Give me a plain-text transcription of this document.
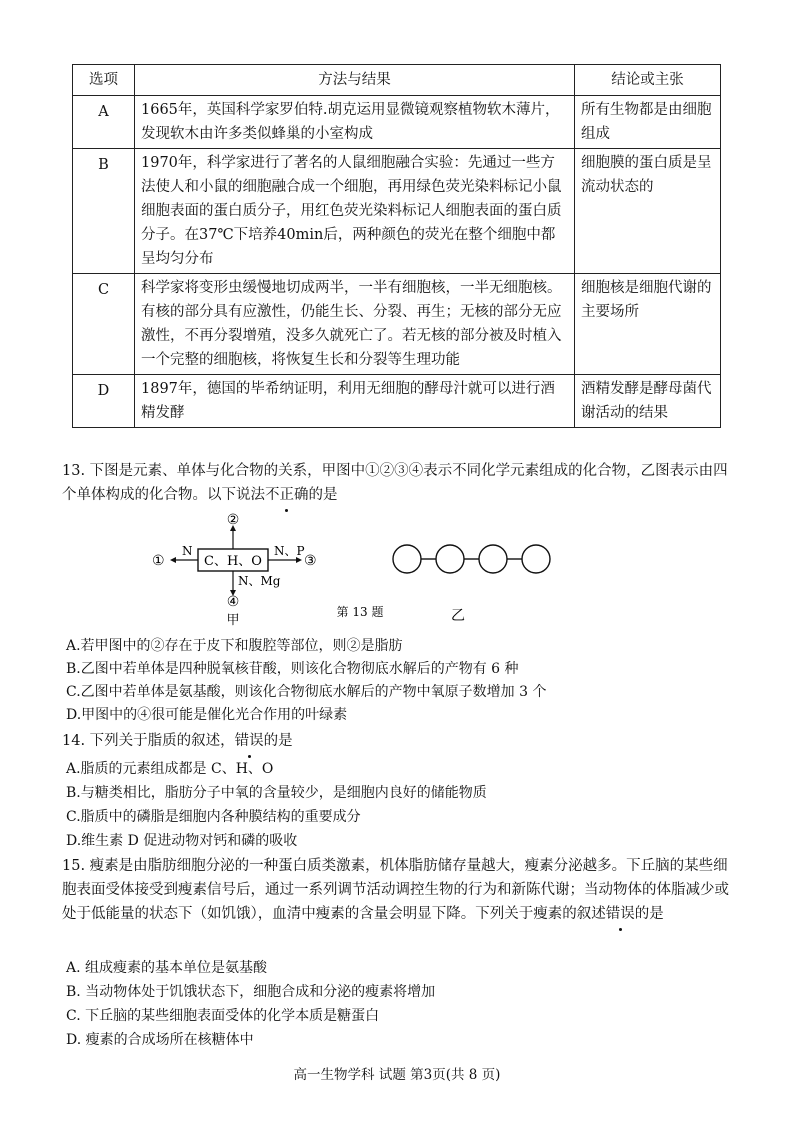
选项	方法与结果	结论或主张
A	1665年，英国科学家罗伯特.胡克运用显微镜观察植物软木薄片，发现软木由许多类似蜂巢的小室构成	所有生物都是由细胞组成
B	1970年，科学家进行了著名的人鼠细胞融合实验：先通过一些方法使人和小鼠的细胞融合成一个细胞，再用绿色荧光染料标记小鼠细胞表面的蛋白质分子，用红色荧光染料标记人细胞表面的蛋白质分子。在37℃下培养40min后，两种颜色的荧光在整个细胞中都呈均匀分布	细胞膜的蛋白质是呈流动状态的
C	科学家将变形虫缓慢地切成两半，一半有细胞核，一半无细胞核。有核的部分具有应激性，仍能生长、分裂、再生；无核的部分无应激性，不再分裂增殖，没多久就死亡了。若无核的部分被及时植入一个完整的细胞核，将恢复生长和分裂等生理功能	细胞核是细胞代谢的主要场所
D	1897年，德国的毕希纳证明，利用无细胞的酵母汁就可以进行酒精发酵	酒精发酵是酵母菌代谢活动的结果

13. 下图是元素、单体与化合物的关系，甲图中①②③④表示不同化学元素组成的化合物，乙图表示由四个单体构成的化合物。以下说法不正确的是

C、H、O
②
N
①
N、P
③
N、Mg
④
甲
第 13 题	乙
A.若甲图中的②存在于皮下和腹腔等部位，则②是脂肪
B.乙图中若单体是四种脱氧核苷酸，则该化合物彻底水解后的产物有 6 种
C.乙图中若单体是氨基酸，则该化合物彻底水解后的产物中氧原子数增加 3 个
D.甲图中的④很可能是催化光合作用的叶绿素

14. 下列关于脂质的叙述，错误的是

A.脂质的元素组成都是 C、H、O
B.与糖类相比，脂肪分子中氧的含量较少，是细胞内良好的储能物质
C.脂质中的磷脂是细胞内各种膜结构的重要成分
D.维生素 D 促进动物对钙和磷的吸收

15. 瘦素是由脂肪细胞分泌的一种蛋白质类激素，机体脂肪储存量越大，瘦素分泌越多。下丘脑的某些细胞表面受体接受到瘦素信号后，通过一系列调节活动调控生物的行为和新陈代谢；当动物体的体脂减少或处于低能量的状态下（如饥饿），血清中瘦素的含量会明显下降。下列关于瘦素的叙述错误的是

A. 组成瘦素的基本单位是氨基酸
B. 当动物体处于饥饿状态下，细胞合成和分泌的瘦素将增加
C. 下丘脑的某些细胞表面受体的化学本质是糖蛋白
D. 瘦素的合成场所在核糖体中
高一生物学科 试题 第3页(共 8 页)
